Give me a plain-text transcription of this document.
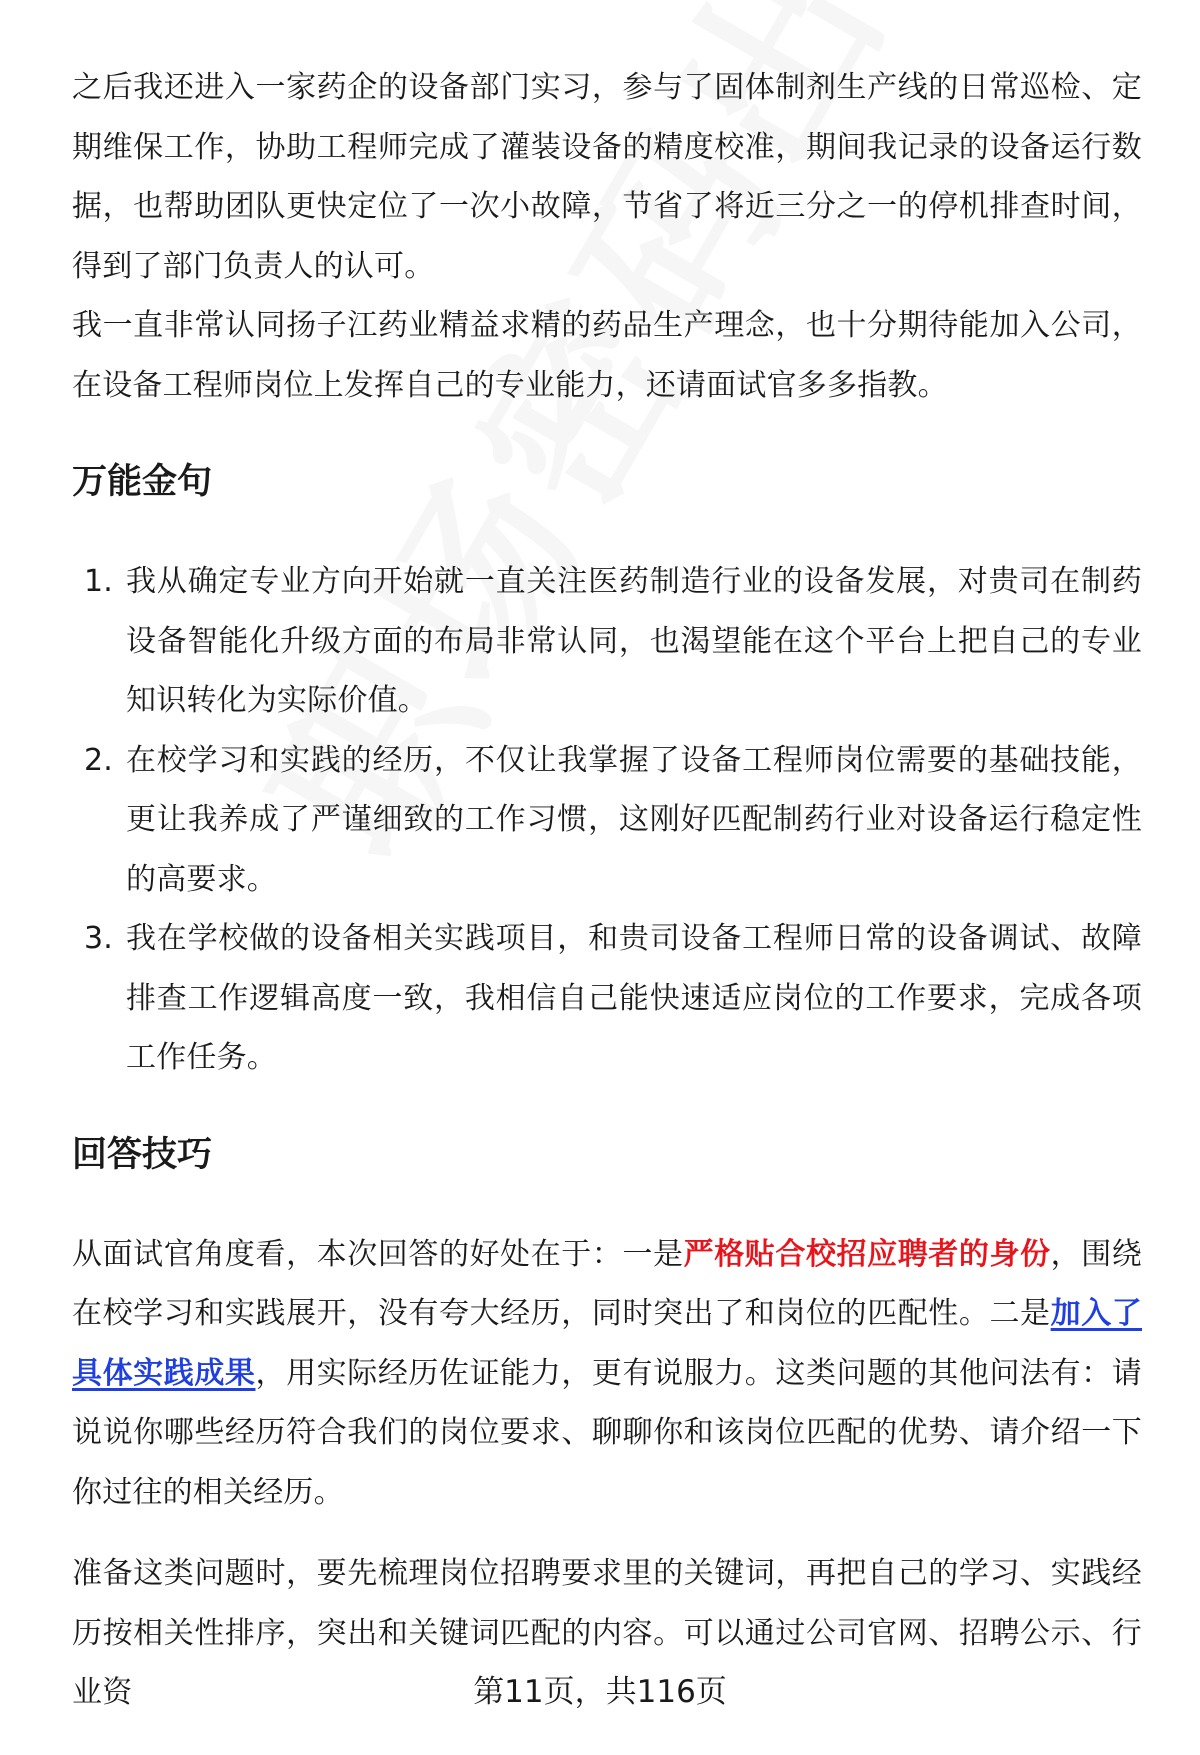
之后我还进入一家药企的设备部门实习，参与了固体制剂生产线的日常巡检、定期维保工作，协助工程师完成了灌装设备的精度校准，期间我记录的设备运行数据，也帮助团队更快定位了一次小故障，节省了将近三分之一的停机排查时间，得到了部门负责人的认可。

我一直非常认同扬子江药业精益求精的药品生产理念，也十分期待能加入公司，在设备工程师岗位上发挥自己的专业能力，还请面试官多多指教。

万能金句
1. 我从确定专业方向开始就一直关注医药制造行业的设备发展，对贵司在制药设备智能化升级方面的布局非常认同，也渴望能在这个平台上把自己的专业知识转化为实际价值。
2. 在校学习和实践的经历，不仅让我掌握了设备工程师岗位需要的基础技能，更让我养成了严谨细致的工作习惯，这刚好匹配制药行业对设备运行稳定性的高要求。
3. 我在学校做的设备相关实践项目，和贵司设备工程师日常的设备调试、故障排查工作逻辑高度一致，我相信自己能快速适应岗位的工作要求，完成各项工作任务。
回答技巧

从面试官角度看，本次回答的好处在于：一是严格贴合校招应聘者的身份，围绕在校学习和实践展开，没有夸大经历，同时突出了和岗位的匹配性。二是加入了具体实践成果，用实际经历佐证能力，更有说服力。这类问题的其他问法有：请说说你哪些经历符合我们的岗位要求、聊聊你和该岗位匹配的优势、请介绍一下你过往的相关经历。

准备这类问题时，要先梳理岗位招聘要求里的关键词，再把自己的学习、实践经历按相关性排序，突出和关键词匹配的内容。可以通过公司官网、招聘公示、行业资	第11页，共116页
